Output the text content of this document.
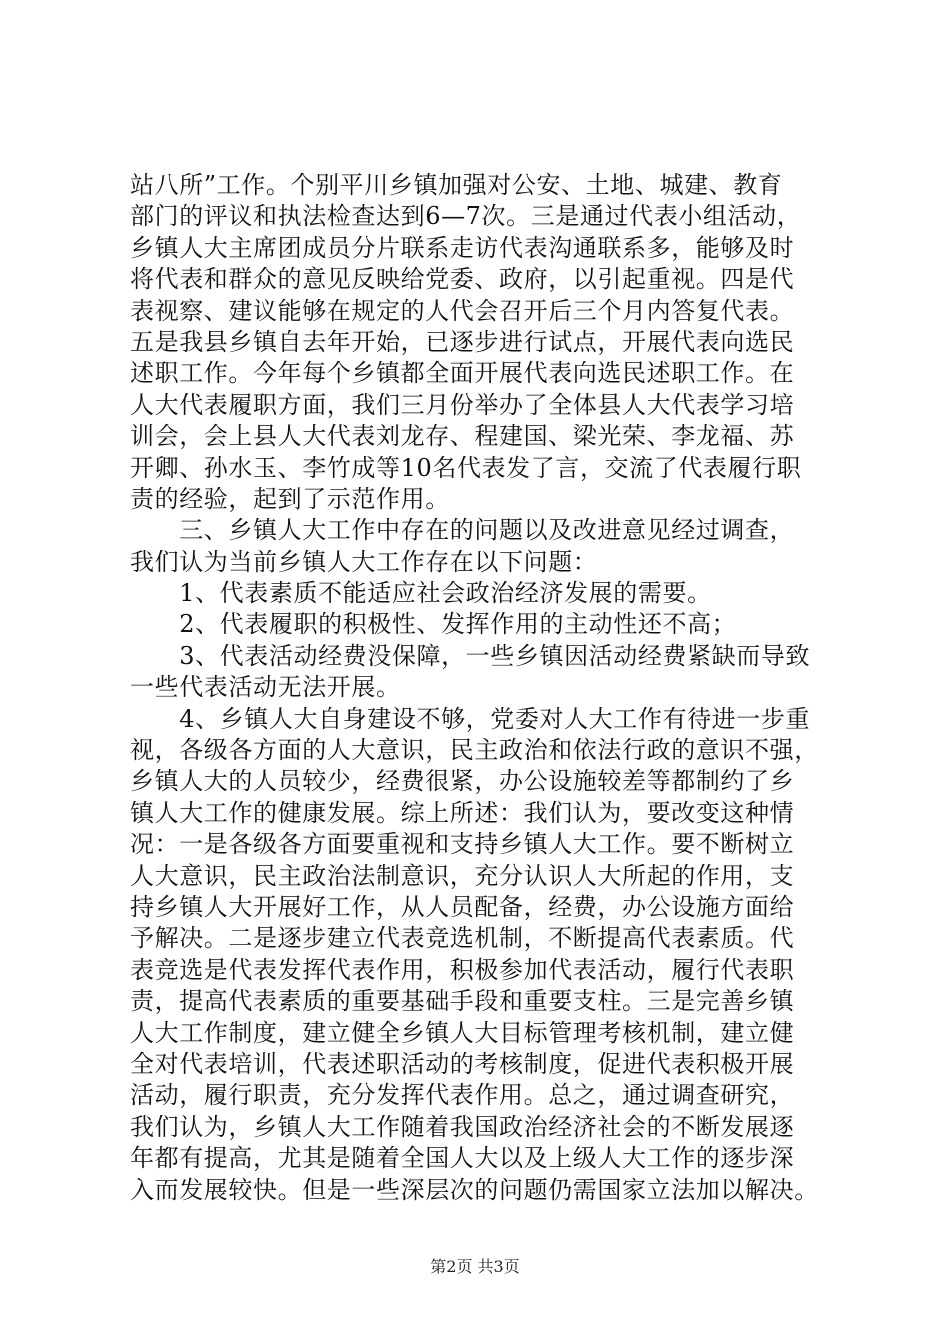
站八所”工作。个别平川乡镇加强对公安、土地、城建、教育
部门的评议和执法检查达到6—7次。三是通过代表小组活动，
乡镇人大主席团成员分片联系走访代表沟通联系多，能够及时
将代表和群众的意见反映给党委、政府，以引起重视。四是代
表视察、建议能够在规定的人代会召开后三个月内答复代表。
五是我县乡镇自去年开始，已逐步进行试点，开展代表向选民
述职工作。今年每个乡镇都全面开展代表向选民述职工作。在
人大代表履职方面，我们三月份举办了全体县人大代表学习培
训会，会上县人大代表刘龙存、程建国、梁光荣、李龙福、苏
开卿、孙水玉、李竹成等10名代表发了言，交流了代表履行职
责的经验，起到了示范作用。
　　三、乡镇人大工作中存在的问题以及改进意见经过调查，
我们认为当前乡镇人大工作存在以下问题：
　　1、代表素质不能适应社会政治经济发展的需要。
　　2、代表履职的积极性、发挥作用的主动性还不高；
　　3、代表活动经费没保障，一些乡镇因活动经费紧缺而导致
一些代表活动无法开展。
　　4、乡镇人大自身建设不够，党委对人大工作有待进一步重
视，各级各方面的人大意识，民主政治和依法行政的意识不强，
乡镇人大的人员较少，经费很紧，办公设施较差等都制约了乡
镇人大工作的健康发展。综上所述：我们认为，要改变这种情
况：一是各级各方面要重视和支持乡镇人大工作。要不断树立
人大意识，民主政治法制意识，充分认识人大所起的作用，支
持乡镇人大开展好工作，从人员配备，经费，办公设施方面给
予解决。二是逐步建立代表竞选机制，不断提高代表素质。代
表竞选是代表发挥代表作用，积极参加代表活动，履行代表职
责，提高代表素质的重要基础手段和重要支柱。三是完善乡镇
人大工作制度，建立健全乡镇人大目标管理考核机制，建立健
全对代表培训，代表述职活动的考核制度，促进代表积极开展
活动，履行职责，充分发挥代表作用。总之，通过调查研究，
我们认为，乡镇人大工作随着我国政治经济社会的不断发展逐
年都有提高，尤其是随着全国人大以及上级人大工作的逐步深
入而发展较快。但是一些深层次的问题仍需国家立法加以解决。
第2页 共3页
